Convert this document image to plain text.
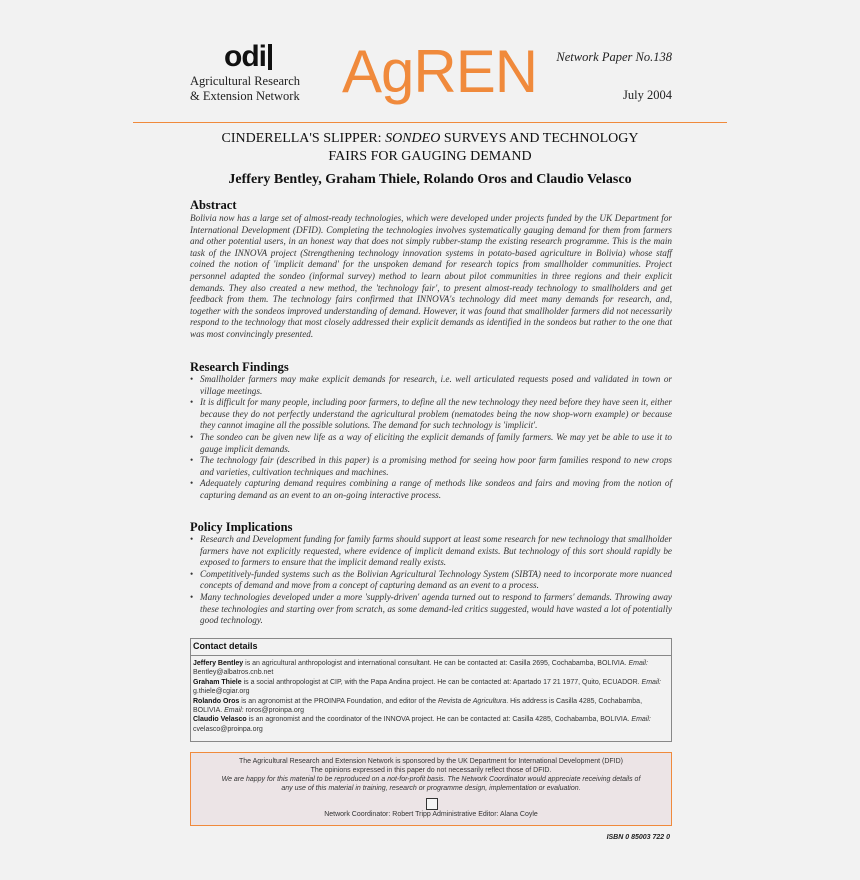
odi
Agricultural Research
& Extension Network AgREN Network Paper No.138
July 2004
CINDERELLA'S SLIPPER: SONDEO SURVEYS AND TECHNOLOGY
FAIRS FOR GAUGING DEMAND
Jeffery Bentley, Graham Thiele, Rolando Oros and Claudio Velasco
Abstract
Bolivia now has a large set of almost-ready technologies, which were developed under projects funded by the UK Department for International Development (DFID). Completing the technologies involves systematically gauging demand for them from farmers and other potential users, in an honest way that does not simply rubber-stamp the existing research programme. This is the main task of the INNOVA project (Strengthening technology innovation systems in potato-based agriculture in Bolivia) whose staff coined the notion of 'implicit demand' for the unspoken demand for research topics from smallholder communities. Project personnel adapted the sondeo (informal survey) method to learn about pilot communities in three regions and their explicit demands. They also created a new method, the 'technology fair', to present almost-ready technology to smallholders and get feedback from them. The technology fairs confirmed that INNOVA's technology did meet many demands for research, and, together with the sondeos improved understanding of demand. However, it was found that smallholder farmers did not necessarily respond to the technology that most closely addressed their explicit demands as identified in the sondeos but rather to the one that was most convincingly presented.
Research Findings
• Smallholder farmers may make explicit demands for research, i.e. well articulated requests posed and validated in town or village meetings.
• It is difficult for many people, including poor farmers, to define all the new technology they need before they have seen it, either because they do not perfectly understand the agricultural problem (nematodes being the now shop-worn example) or because they cannot imagine all the possible solutions. The demand for such technology is 'implicit'.
• The sondeo can be given new life as a way of eliciting the explicit demands of family farmers. We may yet be able to use it to gauge implicit demands.
• The technology fair (described in this paper) is a promising method for seeing how poor farm families respond to new crops and varieties, cultivation techniques and machines.
• Adequately capturing demand requires combining a range of methods like sondeos and fairs and moving from the notion of capturing demand as an event to an on-going interactive process.
Policy Implications
• Research and Development funding for family farms should support at least some research for new technology that smallholder farmers have not explicitly requested, where evidence of implicit demand exists. But technology of this sort should rapidly be exposed to farmers to ensure that the implicit demand really exists.
• Competitively-funded systems such as the Bolivian Agricultural Technology System (SIBTA) need to incorporate more nuanced concepts of demand and move from a concept of capturing demand as an event to a process.
• Many technologies developed under a more 'supply-driven' agenda turned out to respond to farmers' demands. Throwing away these technologies and starting over from scratch, as some demand-led critics suggested, would have wasted a lot of potentially good technology.
Contact details
Jeffery Bentley is an agricultural anthropologist and international consultant. He can be contacted at: Casilla 2695, Cochabamba, BOLIVIA. Email: Bentley@albatros.cnb.net
Graham Thiele is a social anthropologist at CIP, with the Papa Andina project. He can be contacted at: Apartado 17 21 1977, Quito, ECUADOR. Email: g.thiele@cgiar.org
Rolando Oros is an agronomist at the PROINPA Foundation, and editor of the Revista de Agricultura. His address is Casilla 4285, Cochabamba, BOLIVIA. Email: roros@proinpa.org
Claudio Velasco is an agronomist and the coordinator of the INNOVA project. He can be contacted at: Casilla 4285, Cochabamba, BOLIVIA. Email: cvelasco@proinpa.org
The Agricultural Research and Extension Network is sponsored by the UK Department for International Development (DFID)
The opinions expressed in this paper do not necessarily reflect those of DFID.
We are happy for this material to be reproduced on a not-for-profit basis. The Network Coordinator would appreciate receiving details of
any use of this material in training, research or programme design, implementation or evaluation.
Network Coordinator: Robert Tripp Administrative Editor: Alana Coyle
ISBN 0 85003 722 0
